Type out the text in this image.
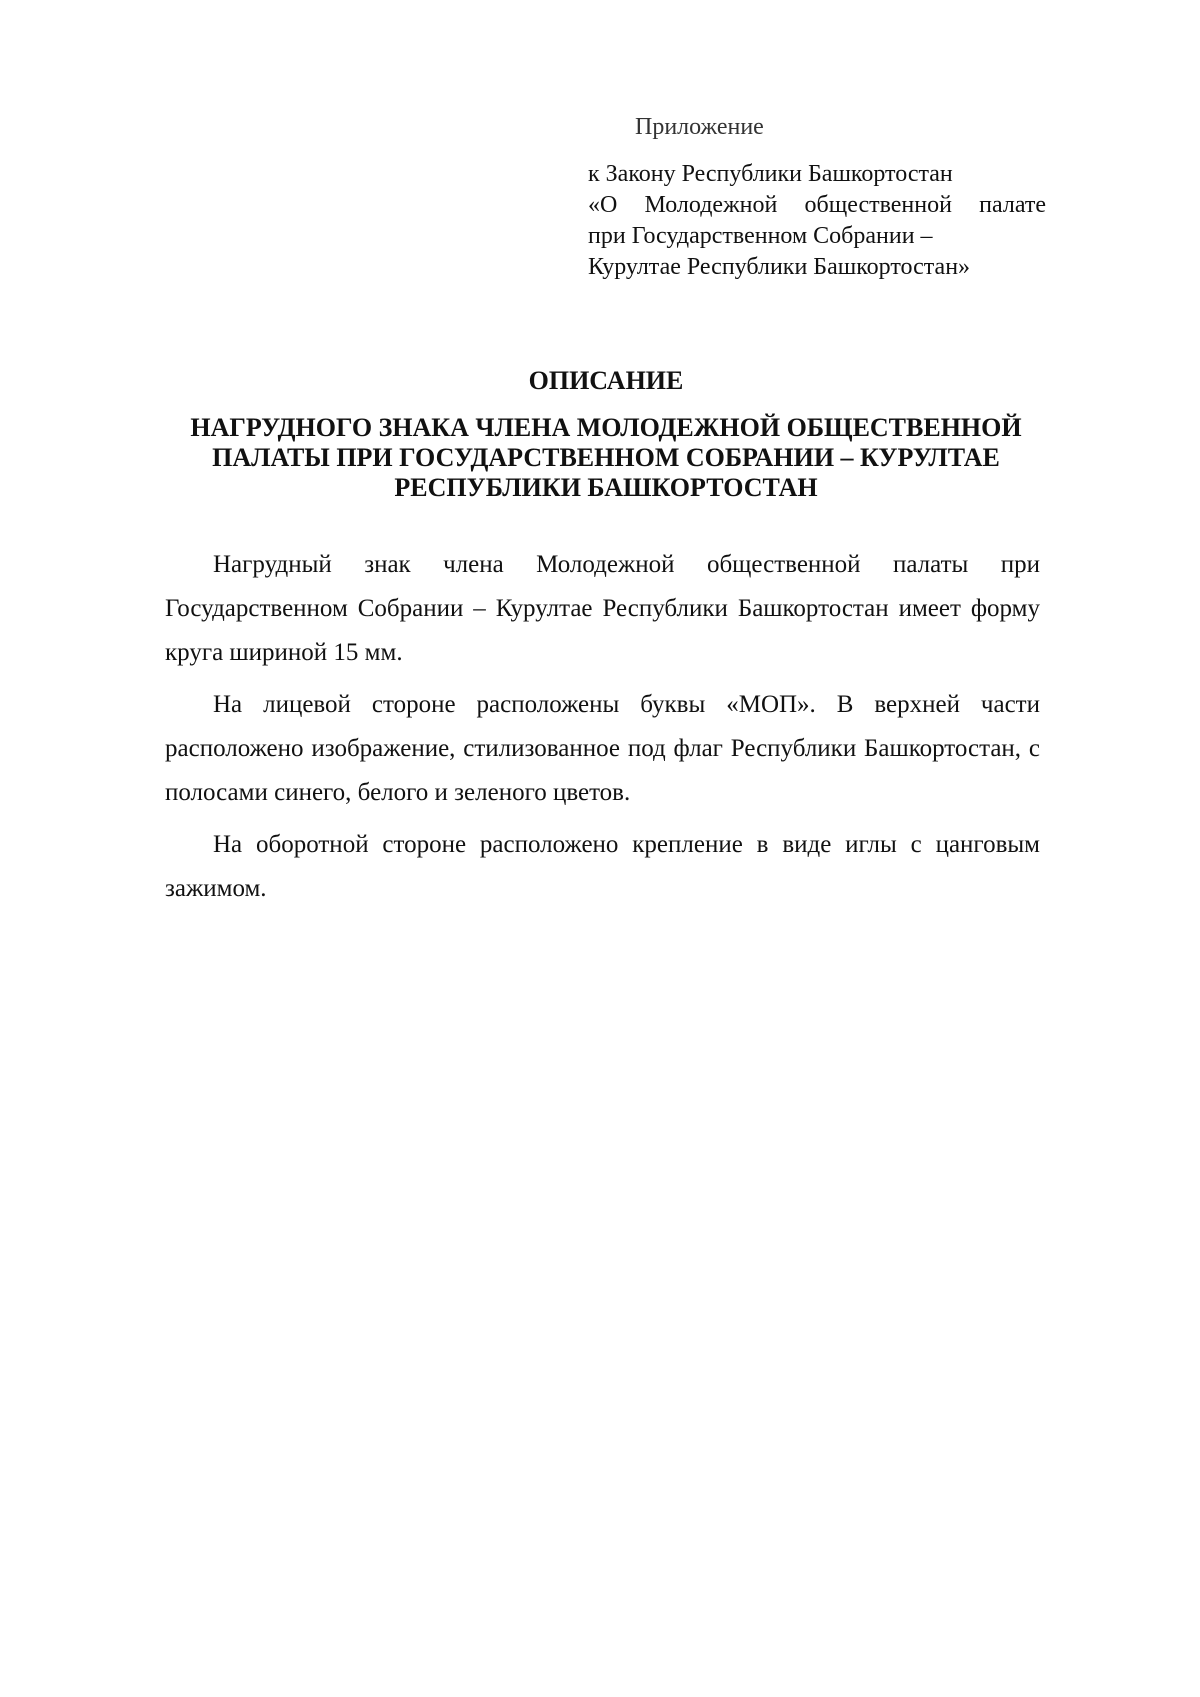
Приложение
к Закону Республики Башкортостан
«О Молодежной общественной палате
при Государственном Собрании –
Курултае Республики Башкортостан»
ОПИСАНИЕ
НАГРУДНОГО ЗНАКА ЧЛЕНА МОЛОДЕЖНОЙ ОБЩЕСТВЕННОЙ
ПАЛАТЫ ПРИ ГОСУДАРСТВЕННОМ СОБРАНИИ – КУРУЛТАЕ
РЕСПУБЛИКИ БАШКОРТОСТАН

Нагрудный знак члена Молодежной общественной палаты при Государственном Собрании – Курултае Республики Башкортостан имеет форму круга шириной 15 мм.

На лицевой стороне расположены буквы «МОП». В верхней части расположено изображение, стилизованное под флаг Республики Башкортостан, с полосами синего, белого и зеленого цветов.

На оборотной стороне расположено крепление в виде иглы с цанговым зажимом.
